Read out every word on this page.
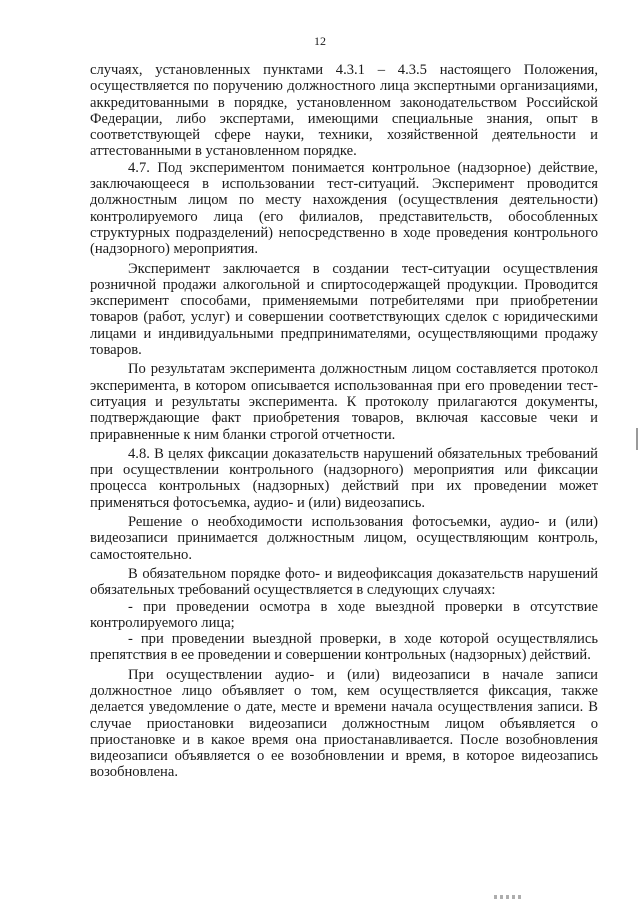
12

случаях, установленных пунктами 4.3.1 – 4.3.5 настоящего Положения, осуществляется по поручению должностного лица экспертными организациями, аккредитованными в порядке, установленном законодательством Российской Федерации, либо экспертами, имеющими специальные знания, опыт в соответствующей сфере науки, техники, хозяйственной деятельности и аттестованными в установленном порядке.

4.7. Под экспериментом понимается контрольное (надзорное) действие, заключающееся в использовании тест-ситуаций. Эксперимент проводится должностным лицом по месту нахождения (осуществления деятельности) контролируемого лица (его филиалов, представительств, обособленных структурных подразделений) непосредственно в ходе проведения контрольного (надзорного) мероприятия.

Эксперимент заключается в создании тест-ситуации осуществления розничной продажи алкогольной и спиртосодержащей продукции. Проводится эксперимент способами, применяемыми потребителями при приобретении товаров (работ, услуг) и совершении соответствующих сделок с юридическими лицами и индивидуальными предпринимателями, осуществляющими продажу товаров.

По результатам эксперимента должностным лицом составляется протокол эксперимента, в котором описывается использованная при его проведении тест-ситуация и результаты эксперимента. К протоколу прилагаются документы, подтверждающие факт приобретения товаров, включая кассовые чеки и приравненные к ним бланки строгой отчетности.

4.8. В целях фиксации доказательств нарушений обязательных требований при осуществлении контрольного (надзорного) мероприятия или фиксации процесса контрольных (надзорных) действий при их проведении может применяться фотосъемка, аудио- и (или) видеозапись.

Решение о необходимости использования фотосъемки, аудио- и (или) видеозаписи принимается должностным лицом, осуществляющим контроль, самостоятельно.

В обязательном порядке фото- и видеофиксация доказательств нарушений обязательных требований осуществляется в следующих случаях:

- при проведении осмотра в ходе выездной проверки в отсутствие контролируемого лица;

- при проведении выездной проверки, в ходе которой осуществлялись препятствия в ее проведении и совершении контрольных (надзорных) действий.

При осуществлении аудио- и (или) видеозаписи в начале записи должностное лицо объявляет о том, кем осуществляется фиксация, также делается уведомление о дате, месте и времени начала осуществления записи. В случае приостановки видеозаписи должностным лицом объявляется о приостановке и в какое время она приостанавливается. После возобновления видеозаписи объявляется о ее возобновлении и время, в которое видеозапись возобновлена.
